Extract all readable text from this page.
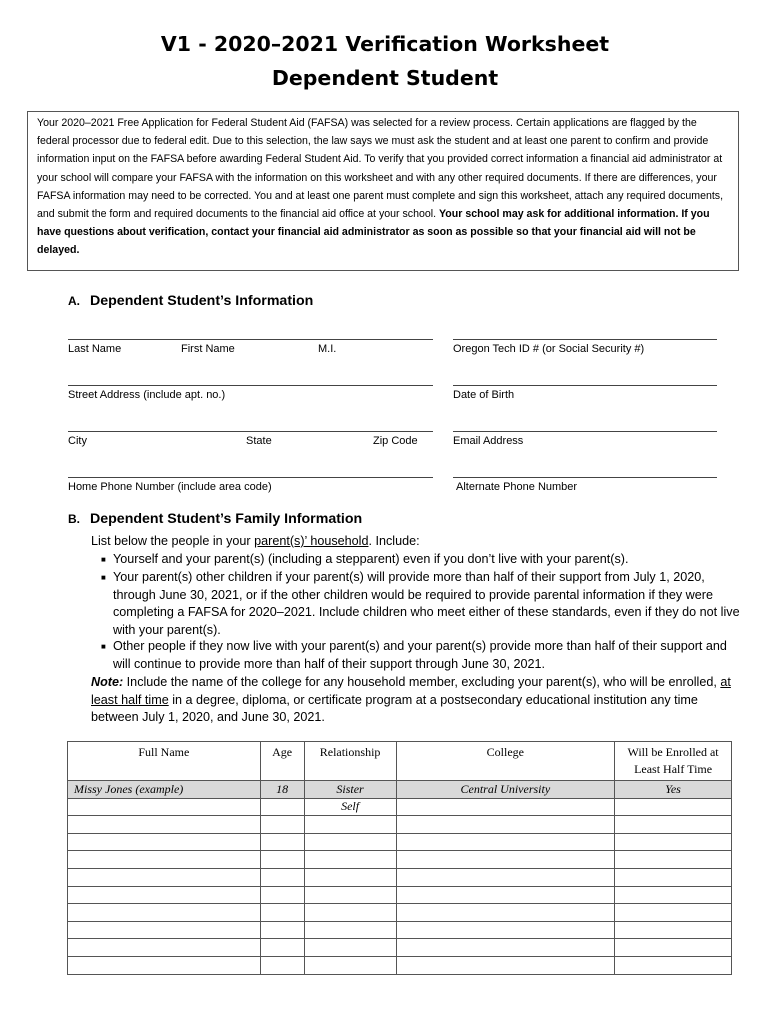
V1 - 2020–2021 Verification Worksheet
Dependent Student
Your 2020–2021 Free Application for Federal Student Aid (FAFSA) was selected for a review process. Certain applications are flagged by the federal processor due to federal edit. Due to this selection, the law says we must ask the student and at least one parent to confirm and provide information input on the FAFSA before awarding Federal Student Aid. To verify that you provided correct information a financial aid administrator at your school will compare your FAFSA with the information on this worksheet and with any other required documents. If there are differences, your FAFSA information may need to be corrected. You and at least one parent must complete and sign this worksheet, attach any required documents, and submit the form and required documents to the financial aid office at your school. Your school may ask for additional information. If you have questions about verification, contact your financial aid administrator as soon as possible so that your financial aid will not be delayed.
A. Dependent Student’s Information
Last Name	First Name	M.I.	Oregon Tech ID # (or Social Security #)
Street Address (include apt. no.)	Date of Birth
City	State	Zip Code	Email Address
Home Phone Number (include area code)	Alternate Phone Number
B. Dependent Student’s Family Information
List below the people in your parent(s)’ household. Include:
■ Yourself and your parent(s) (including a stepparent) even if you don’t live with your parent(s).
■ Your parent(s) other children if your parent(s) will provide more than half of their support from July 1, 2020, through June 30, 2021, or if the other children would be required to provide parental information if they were completing a FAFSA for 2020–2021. Include children who meet either of these standards, even if they do not live with your parent(s).
■ Other people if they now live with your parent(s) and your parent(s) provide more than half of their support and will continue to provide more than half of their support through June 30, 2021.
Note: Include the name of the college for any household member, excluding your parent(s), who will be enrolled, at least half time in a degree, diploma, or certificate program at a postsecondary educational institution any time between July 1, 2020, and June 30, 2021.
Full Name	Age	Relationship	College	Will be Enrolled at Least Half Time
Missy Jones (example)	18	Sister	Central University	Yes
		Self		
